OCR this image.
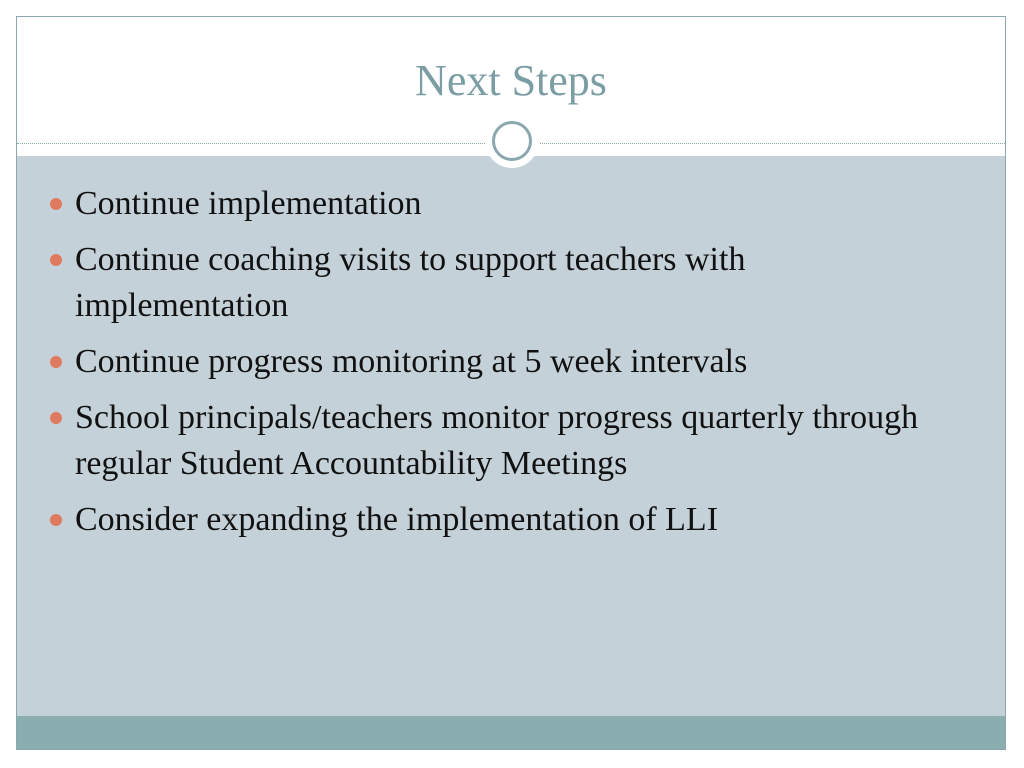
Next Steps
Continue implementation
Continue coaching visits to support teachers with implementation
Continue progress monitoring at 5 week intervals
School principals/teachers monitor progress quarterly through regular Student Accountability Meetings
Consider expanding the implementation of LLI
